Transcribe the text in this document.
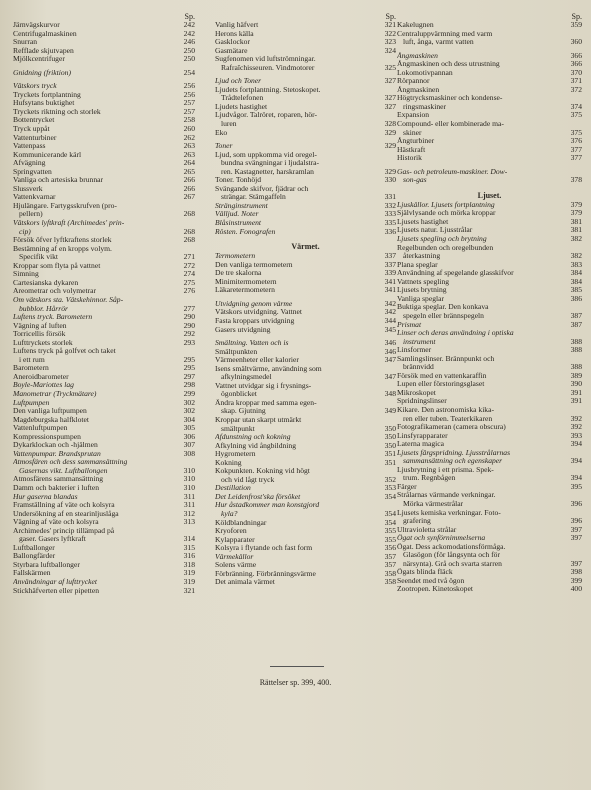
Sp.
Järnvägskurvor	242
Centrifugalmaskinen	242
Snurran	246
Refflade skjutvapen	250
Mjölkcentrifuger	250
Gnidning (friktion)	254
Vätskors tryck	256
Tryckets fortplantning	256
Hufsytans buktighet	257
Tryckets riktning och storlek	257
Bottentrycket	258
Tryck uppåt	260
Vattenturbiner	262
Vattenpass	263
Kommunicerande kärl	263
Afvägning	264
Springvatten	265
Vanliga och artesiska brunnar	266
Slussverk	266
Vattenkvarnar	267
Hjulängare. Fartygsskrufven (pro-
pellern)	268
Vätskors lyftkraft (Archimedes' prin-
cip)	268
Försök öfver lyftkraftens storlek	268
Bestämning af en kropps volym.
Specifik vikt	271
Kroppar som flyta på vattnet	272
Simning	274
Cartesianska dykaren	275
Areometrar och volymetrar	276
Om vätskors sta. Vätskehinnor. Såp-
bubblor. Hårrör	277
Luftens tryck. Barometern	290
Vägning af luften	290
Torricellis försök	292
Lufttryckets storlek	293
Luftens tryck på golfvet och taket
i ett rum	295
Barometern	295
Aneroidbarometer	297
Boyle-Mariottes lag	298
Manometrar (Tryckmätare)	299
Luftpumpen	302
Den vanliga luftpumpen	302
Magdeburgska halfklotet	304
Vattenluftpumpen	305
Kompressionspumpen	306
Dykarklockan och -hjälmen	307
Vattenpumpar. Brandsprutan	308
Atmosfären och dess sammansättning
Gasernas vikt. Luftballongen	310
Atmosfärens sammansättning	310
Damm och bakterier i luften	310
Hur gaserna blandas	311
Framställning af väte och kolsyra	311
Undersökning af en stearinljuslåga	312
Vägning af väte och kolsyra	313
Archimedes' princip tillämpad på
gaser. Gasers lyftkraft	314
Luftballonger	315
Ballongfärder	316
Styrbara luftballonger	318
Fallskärmen	319
Användningar af lufttrycket	319
Stickhäfverten eller pipetten	321
Sp.
Vanlig häfvert	321
Herons källa	322
Gasklockor	323
Gasmätare	324
Sugfenomen vid luftströmningar.
Rafraîchisseuren. Vindmotorer	325
Ljud och Toner	327
Ljudets fortplantning. Stetoskopet.
Trådtelefonen	327
Ljudets hastighet	327
Ljudvågor. Talröret, roparen, hör-
luren	328
Eko	329
Toner	329
Ljud, som uppkomma vid oregel-
bundna svängningar i ljudalstra-
ren. Kastagnetter, harskramlan	329
Toner. Tonhöjd	330
Svängande skifvor, fjädrar och
strängar. Stämgaffeln	331
Stränginstrument	332
Välljud. Noter	333
Blåsinstrument	335
Rösten. Fonografen	336
Värmet.
Termometern	337
Den vanliga termometern	337
De tre skalorna	339
Minimitermometern	341
Läkaretermometern	341
Utvidgning genom värme	342
Vätskors utvidgning. Vattnet	342
Fasta kroppars utvidgning	344
Gasers utvidgning	345
Smältning. Vatten och is	346
Smältpunkten	346
Värmeenheter eller kalorier	347
Isens smältvärme, användning som
afkylningsmedel	347
Vattnet utvidgar sig i frysnings-
ögonblicket	348
Ändra kroppar med samma egen-
skap. Gjutning	349
Kroppar utan skarpt utmärkt
smältpunkt	350
Afdunstning och kokning	350
Afkylning vid ångbildning	350
Hygrometern	351
Kokning	351
Kokpunkten. Kokning vid högt
och vid lågt tryck	352
Destillation	353
Det Leidenfrost'ska försöket	354
Hur åstadkommer man konstgjord
kyla?	354
Köldblandningar	354
Kryoforen	355
Kylapparater	355
Kolsyra i flytande och fast form	356
Värmekällor	357
Solens värme	357
Förbränning. Förbränningsvärme	358
Det animala värmet	358
Sp.
Kakelugnen	359
Centraluppvärmning med varm
luft, ånga, varmt vatten	360
Ångmaskinen	366
Ångmaskinen och dess utrustning	366
Lokomotivpannan	370
Rörpannor	371
Ångmaskinen	372
Högtrycksmaskiner och kondense-
ringsmaskiner	374
Expansion	375
Compound- eller kombinerade ma-
skiner	375
Ångturbiner	376
Hästkraft	377
Historik	377
Gas- och petroleum-maskiner. Dow-
son-gas	378
Ljuset.
Ljuskällor. Ljusets fortplantning	379
Självlysande och mörka kroppar	379
Ljusets hastighet	381
Ljusets natur. Ljusstrålar	381
Ljusets spegling och brytning	382
Regelbunden och oregelbunden
återkastning	382
Plana speglar	383
Användning af spegelande glasskifvor	384
Vattnets spegling	384
Ljusets brytning	385
Vanliga speglar	386
Buktiga speglar. Den konkava
spegeln eller brännspegeln	387
Prismat	387
Linser och deras användning i optiska
instrument	388
Linsformer	388
Samlingslinser. Brännpunkt och
brännvidd	388
Försök med en vattenkaraffin	389
Lupen eller förstoringsglaset	390
Mikroskopet	391
Spridningslinser	391
Kikare. Den astronomiska kika-
ren eller tuben. Teaterkikaren	392
Fotografikameran (camera obscura)	392
Linsfyrapparater	393
Laterna magica	394
Ljusets färgspridning. Ljusstrålarnas
sammansättning och egenskaper	394
Ljusbrytning i ett prisma. Spek-
trum. Regnbågen	394
Färger	395
Strålarnas värmande verkningar.
Mörka värmestrålar	396
Ljusets kemiska verkningar. Foto-
grafering	396
Ultravioletta strålar	397
Ögat och synförnimmelserna	397
Ögat. Dess ackomodationsförmåga.
Glasögon (för långsynta och för
närsynta). Grå och svarta starren	397
Ögats blinda fläck	398
Seendet med två ögon	399
Zootropen. Kinetoskopet	400
Rättelser sp. 399, 400.
